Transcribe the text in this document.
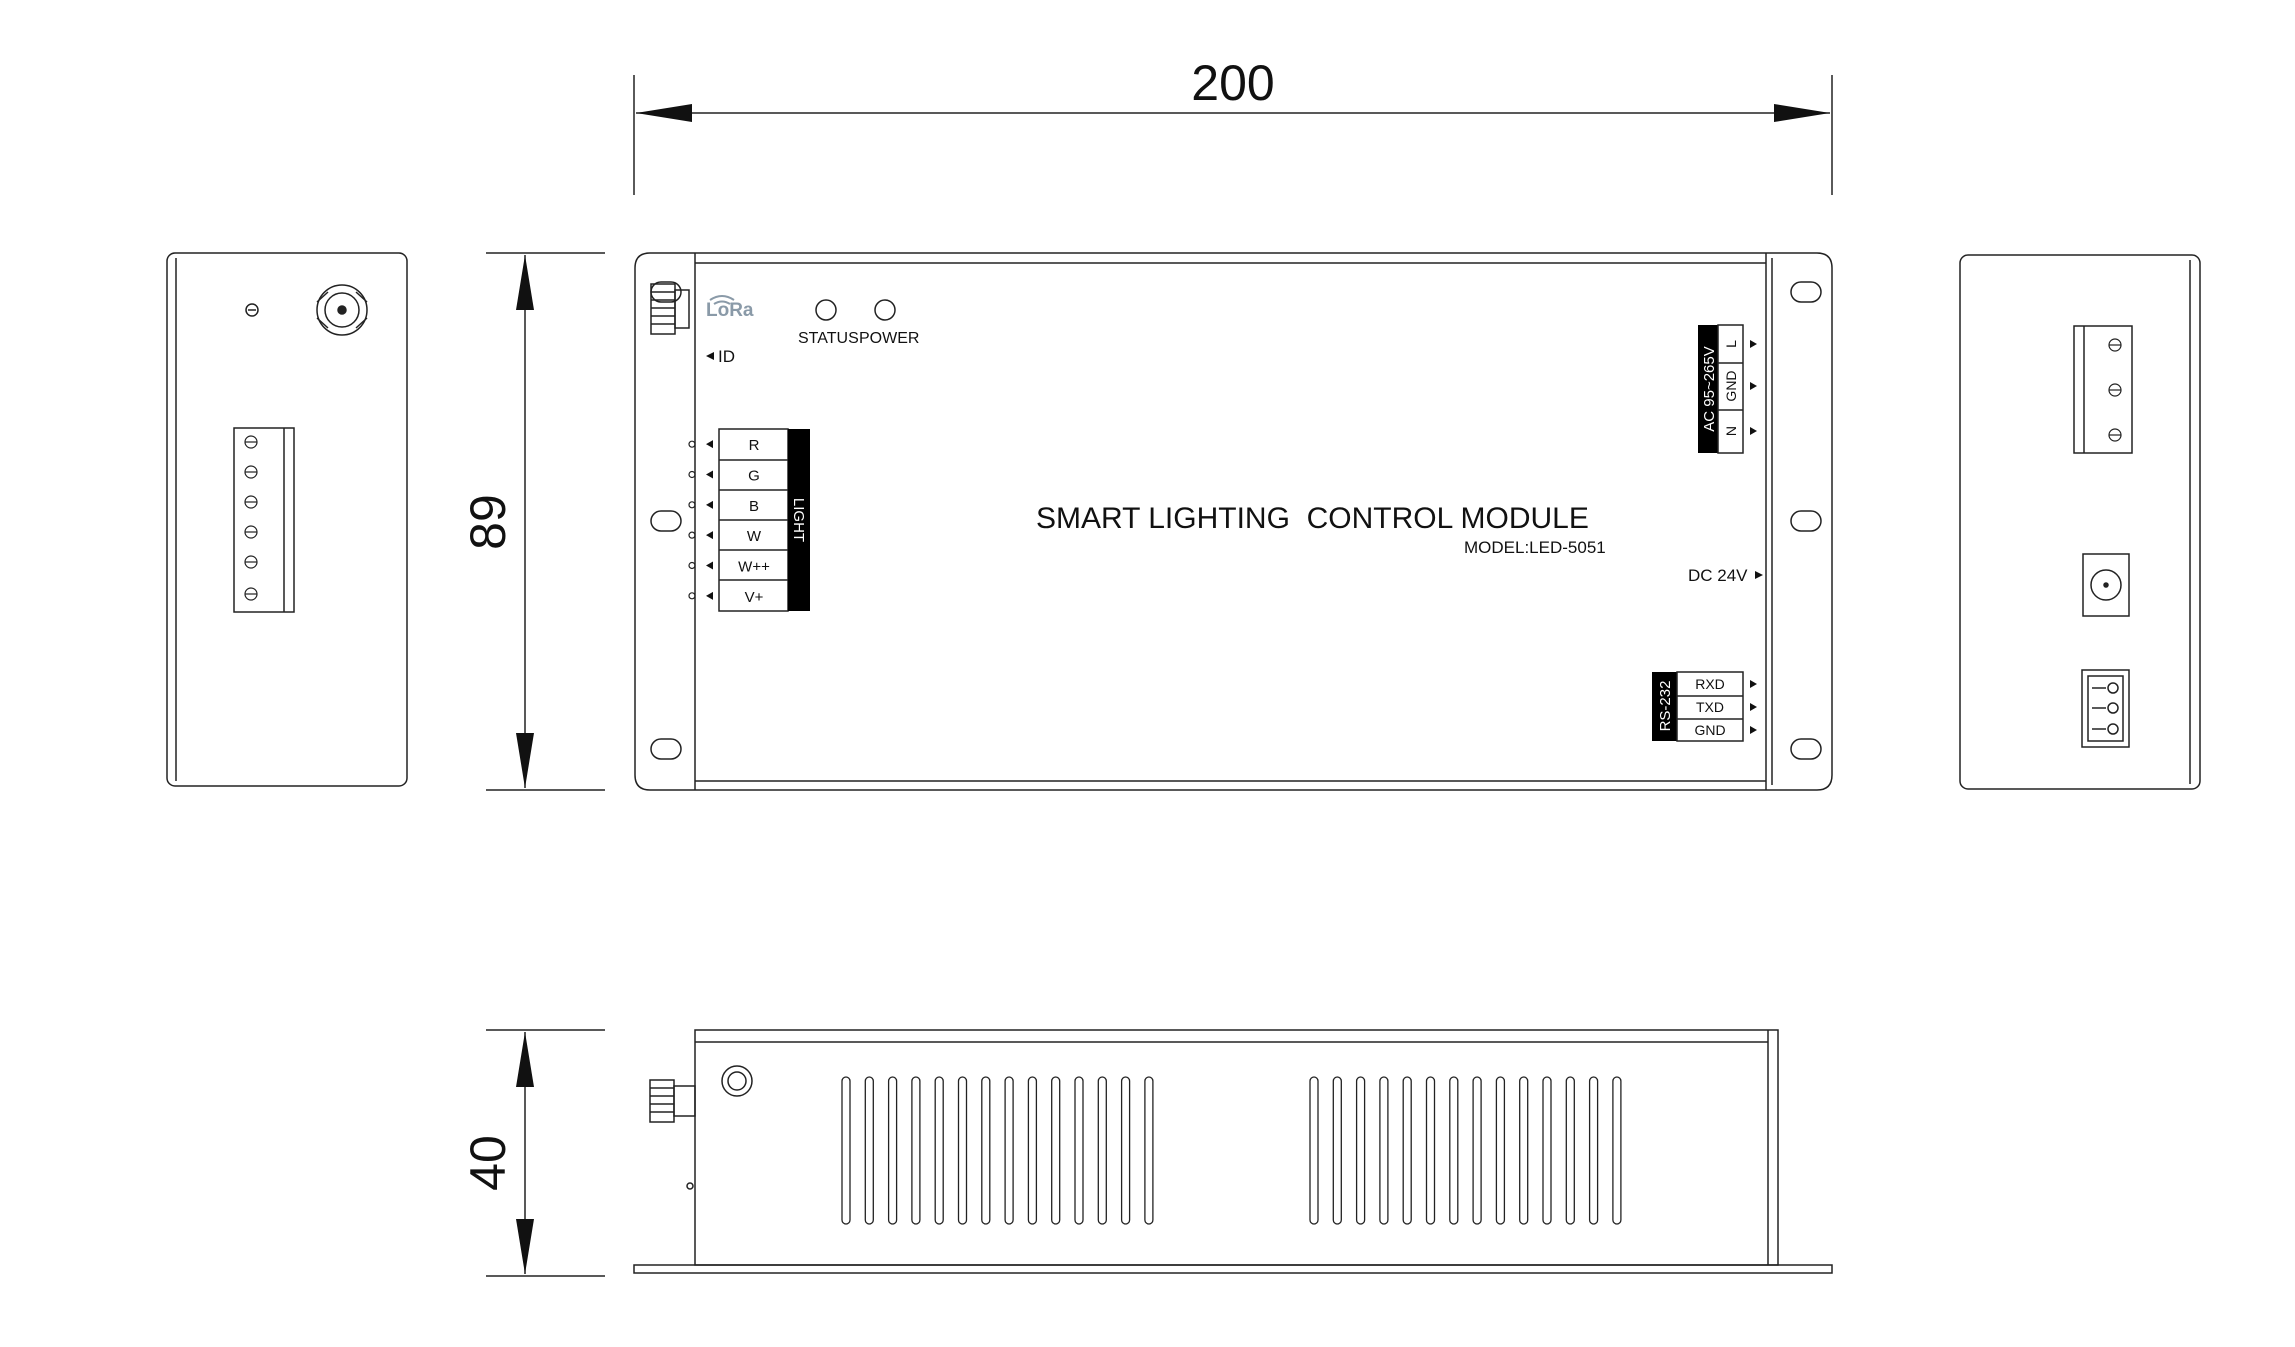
200
89
40
LoRa
STATUS POWER
ID
R
G
B
W
W++
V+
LIGHT
L
GND
N
AC 95~265V
RXD
TXD
GND
RS-232
SMART LIGHTING  CONTROL MODULE
MODEL:LED-5051
DC 24V
